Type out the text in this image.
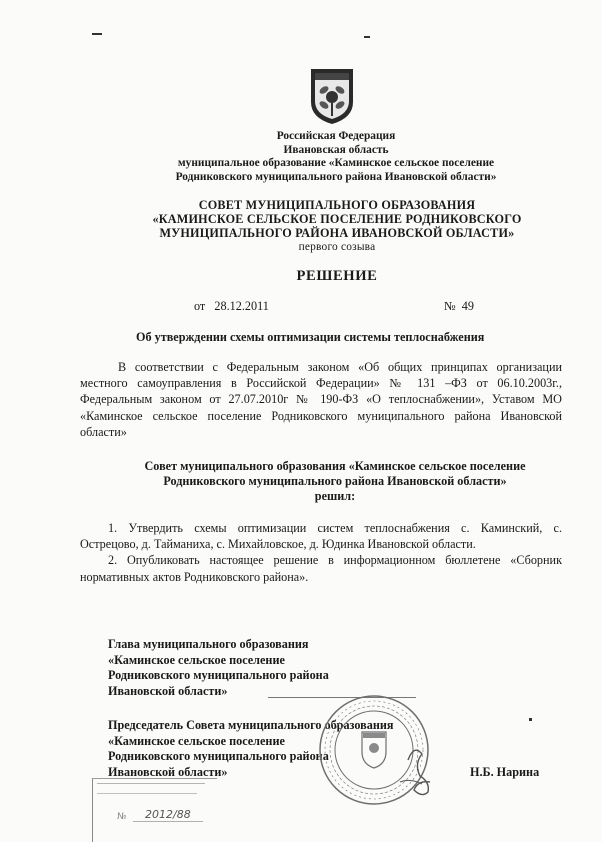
Российская Федерация
Ивановская область
муниципальное образование «Каминское сельское поселение
Родниковского муниципального района Ивановской области»
СОВЕТ МУНИЦИПАЛЬНОГО ОБРАЗОВАНИЯ
«КАМИНСКОЕ СЕЛЬСКОЕ ПОСЕЛЕНИЕ РОДНИКОВСКОГО
МУНИЦИПАЛЬНОГО РАЙОНА ИВАНОВСКОЙ ОБЛАСТИ»
первого созыва
РЕШЕНИЕ
от 28.12.2011	№ 49
Об утверждении схемы оптимизации системы теплоснабжения
В соответствии с Федеральным законом «Об общих принципах организации
местного самоуправления в Российской Федерации» № 131 –ФЗ от 06.10.2003г.,
Федеральным законом от 27.07.2010г № 190-ФЗ «О теплоснабжении», Уставом МО
«Каминское сельское поселение Родниковского муниципального района Ивановской
области»
Совет муниципального образования «Каминское сельское поселение
Родниковского муниципального района Ивановской области»
решил:
1. Утвердить схемы оптимизации систем теплоснабжения с. Каминский, с.
Острецово, д. Тайманиха, с. Михайловское, д. Юдинка Ивановской области.
2. Опубликовать настоящее решение в информационном бюллетене «Сборник
нормативных актов Родниковского района».
Глава муниципального образования
«Каминское сельское поселение
Родниковского муниципального района
Ивановской области»
Председатель Совета муниципального образования
«Каминское сельское поселение
Родниковского муниципального района
Ивановской области»	Н.Б. Нарина
№ 2012/88
